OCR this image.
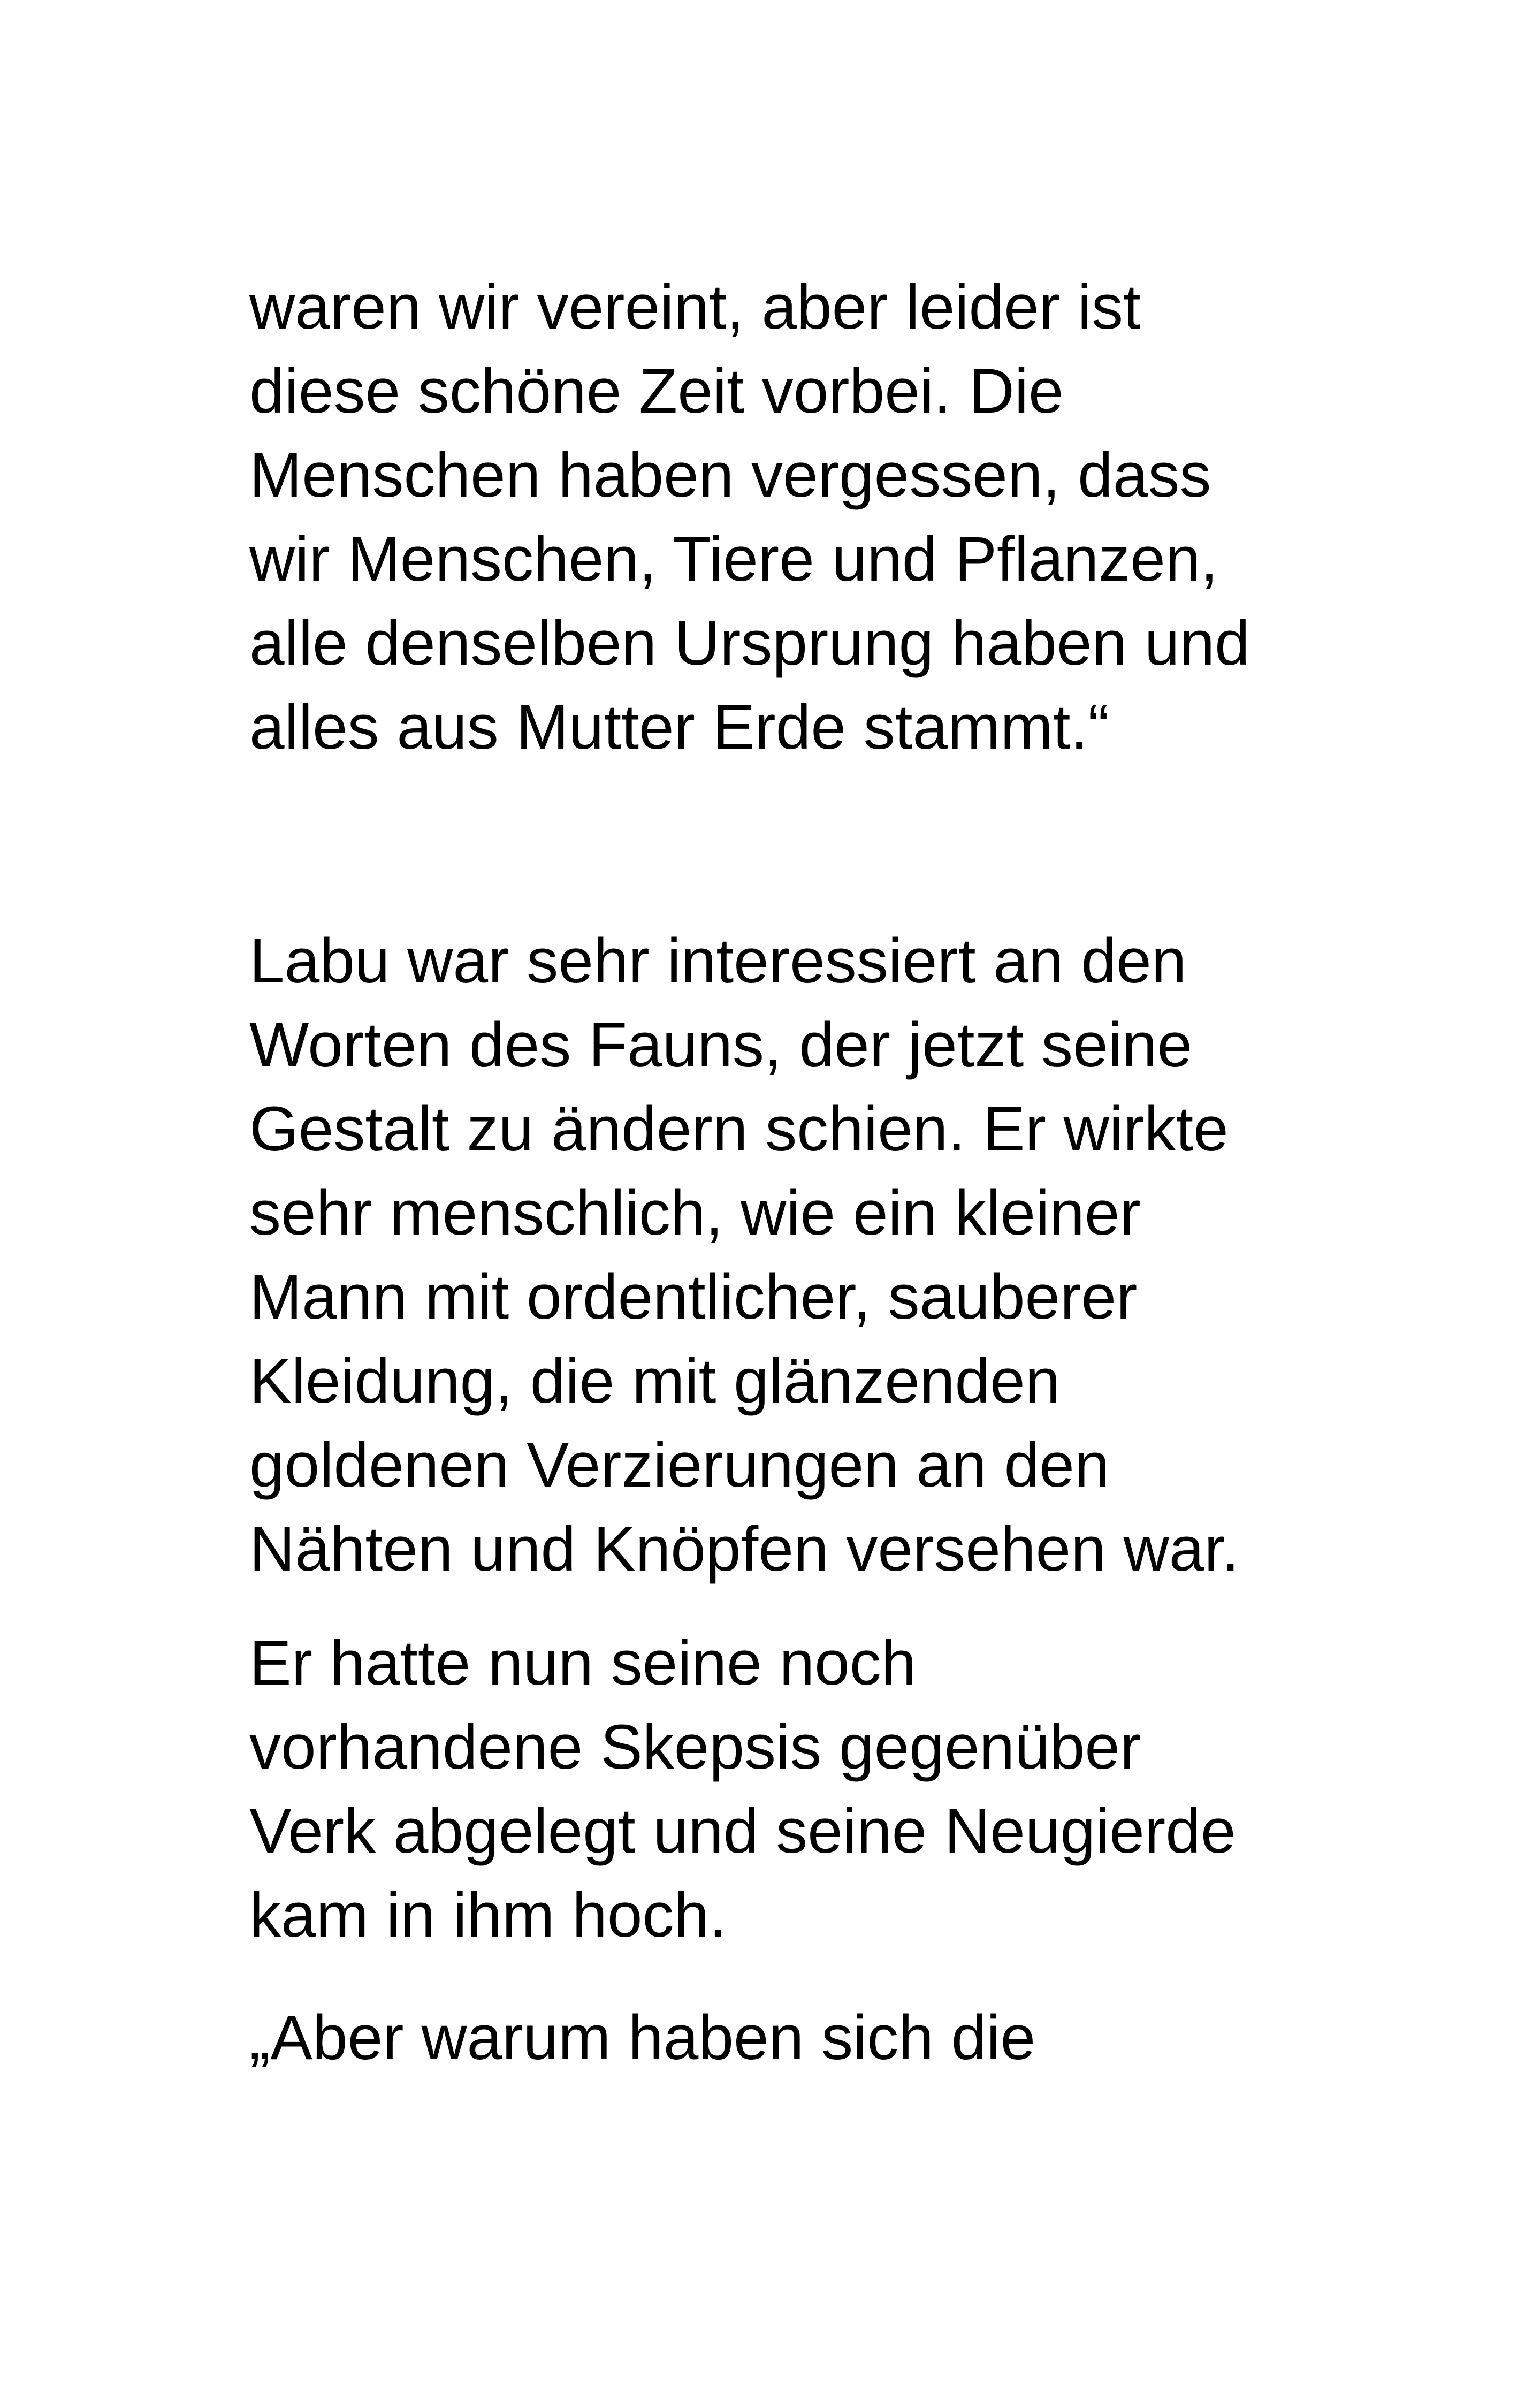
waren wir vereint, aber leider ist
diese schöne Zeit vorbei. Die
Menschen haben vergessen, dass
wir Menschen, Tiere und Pflanzen,
alle denselben Ursprung haben und
alles aus Mutter Erde stammt.“
Labu war sehr interessiert an den
Worten des Fauns, der jetzt seine
Gestalt zu ändern schien. Er wirkte
sehr menschlich, wie ein kleiner
Mann mit ordentlicher, sauberer
Kleidung, die mit glänzenden
goldenen Verzierungen an den
Nähten und Knöpfen versehen war.
Er hatte nun seine noch
vorhandene Skepsis gegenüber
Verk abgelegt und seine Neugierde
kam in ihm hoch.
„Aber warum haben sich die
